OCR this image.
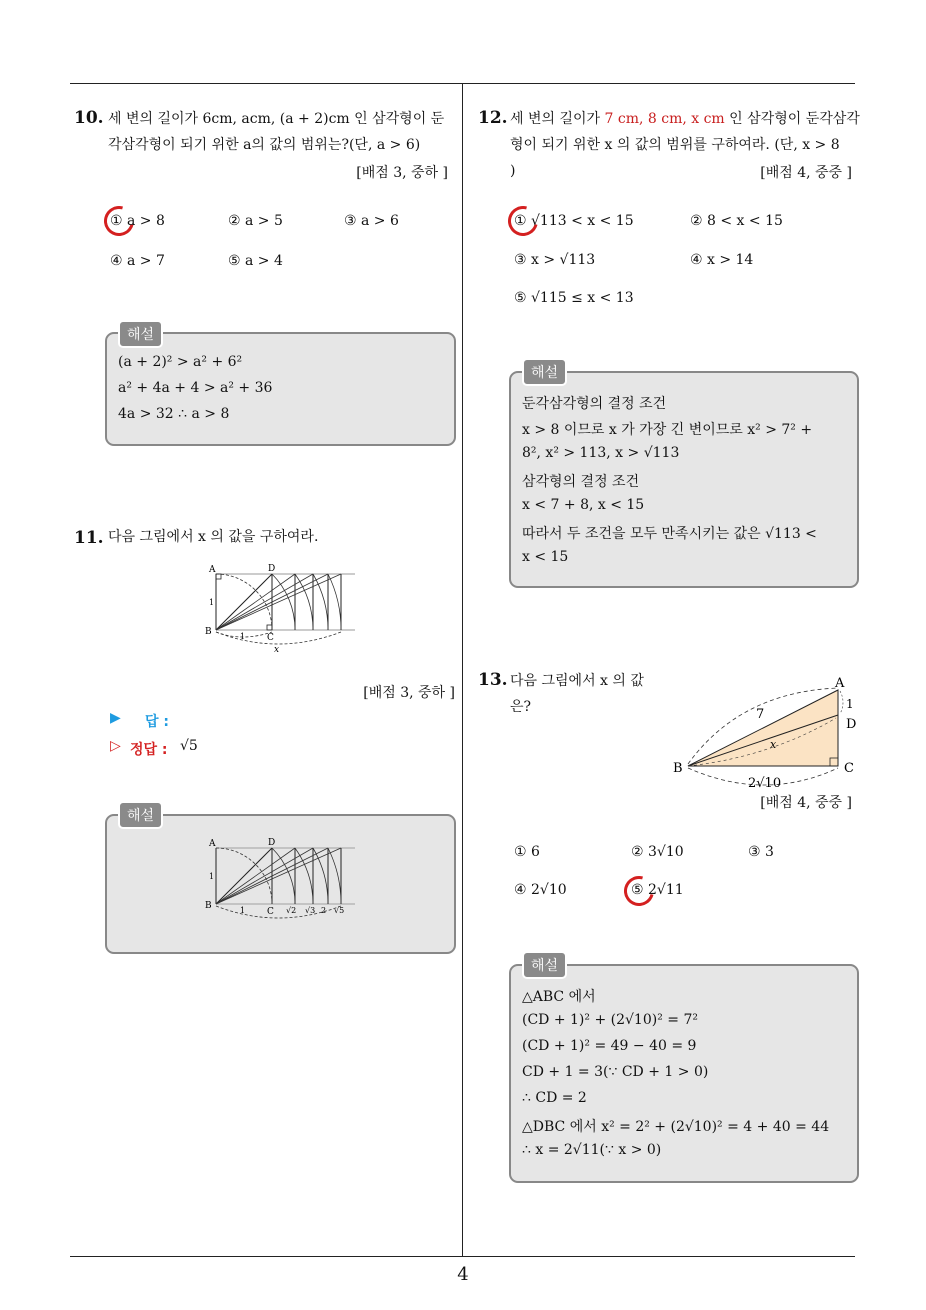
10. 세 변의 길이가 6cm, acm, (a + 2)cm 인 삼각형이 둔
각삼각형이 되기 위한 a의 값의 범위는?(단, a > 6)
[배점 3, 중하 ]
① a > 8	② a > 5	③ a > 6
④ a > 7	⑤ a > 4
해설
(a + 2)² > a² + 6²
a² + 4a + 4 > a² + 36
4a > 32 ∴ a > 8
11. 다음 그림에서 x 의 값을 구하여라.
A
B
C
D
1
1
x
[배점 3, 중하 ]
▶ 답 :
▷ 정답 : √5
해설
A
B
C
D
1
1	√2 √3 2 √5
12. 세 변의 길이가 7 cm, 8 cm, x cm 인 삼각형이 둔각삼각
형이 되기 위한 x 의 값의 범위를 구하여라. (단, x > 8
)	[배점 4, 중중 ]
① √113 < x < 15	② 8 < x < 15
③ x > √113	④ x > 14
⑤ √115 ≤ x < 13
해설
둔각삼각형의 결정 조건
x > 8 이므로 x 가 가장 긴 변이므로 x² > 7² +
8², x² > 113, x > √113
삼각형의 결정 조건
x < 7 + 8, x < 15
따라서 두 조건을 모두 만족시키는 값은 √113 <
x < 15
13. 다음 그림에서 x 의 값
은?
A
B	C
D
7
1
x
2√10
[배점 4, 중중 ]
① 6	② 3√10	③ 3
④ 2√10	⑤ 2√11
해설
△ABC 에서
(CD + 1)² + (2√10)² = 7²
(CD + 1)² = 49 − 40 = 9
CD + 1 = 3(∵ CD + 1 > 0)
∴ CD = 2
△DBC 에서 x² = 2² + (2√10)² = 4 + 40 = 44
∴ x = 2√11(∵ x > 0)
4
